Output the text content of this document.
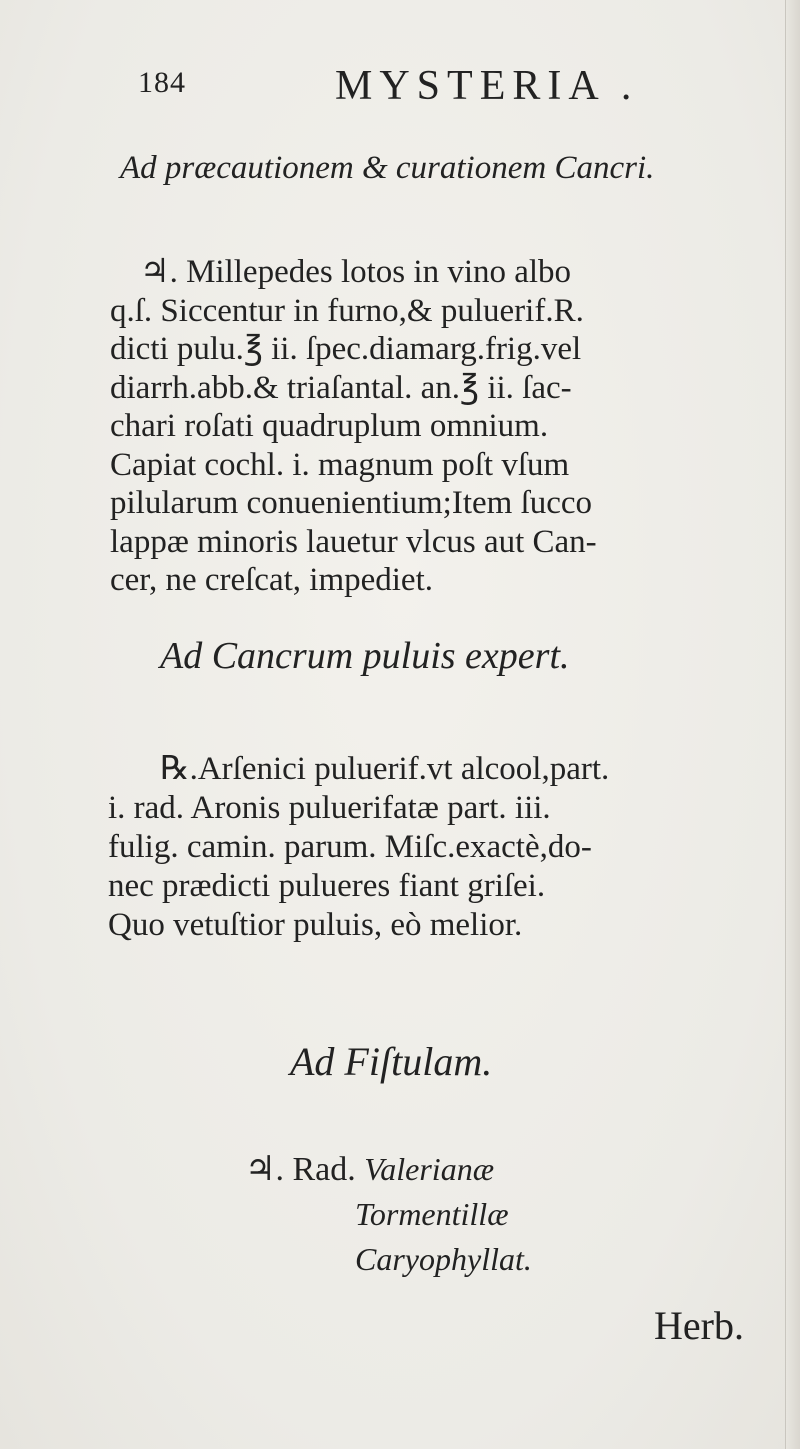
184	MYSTERIA .
Ad præcautionem & curationem Cancri.
♃. Millepedes lotos in vino albo
q.ſ. Siccentur in furno,& puluerif.R.
dicti pulu.℥ ii. ſpec.diamarg.frig.vel
diarrh.abb.& triaſantal. an.℥ ii. ſac-
chari roſati quadruplum omnium.
Capiat cochl. i. magnum poſt vſum
pilularum conuenientium;Item ſucco
lappæ minoris lauetur vlcus aut Can-
cer, ne creſcat, impediet.
Ad Cancrum puluis expert.
℞.Arſenici puluerif.vt alcool,part.
i. rad. Aronis puluerifatæ part. iii.
fulig. camin. parum. Miſc.exactè,do-
nec prædicti pulueres fiant griſei.
Quo vetuſtior puluis, eò melior.
Ad Fiſtulam.
♃. Rad. Valerianæ
Tormentillæ
Caryophyllat.
Herb.
